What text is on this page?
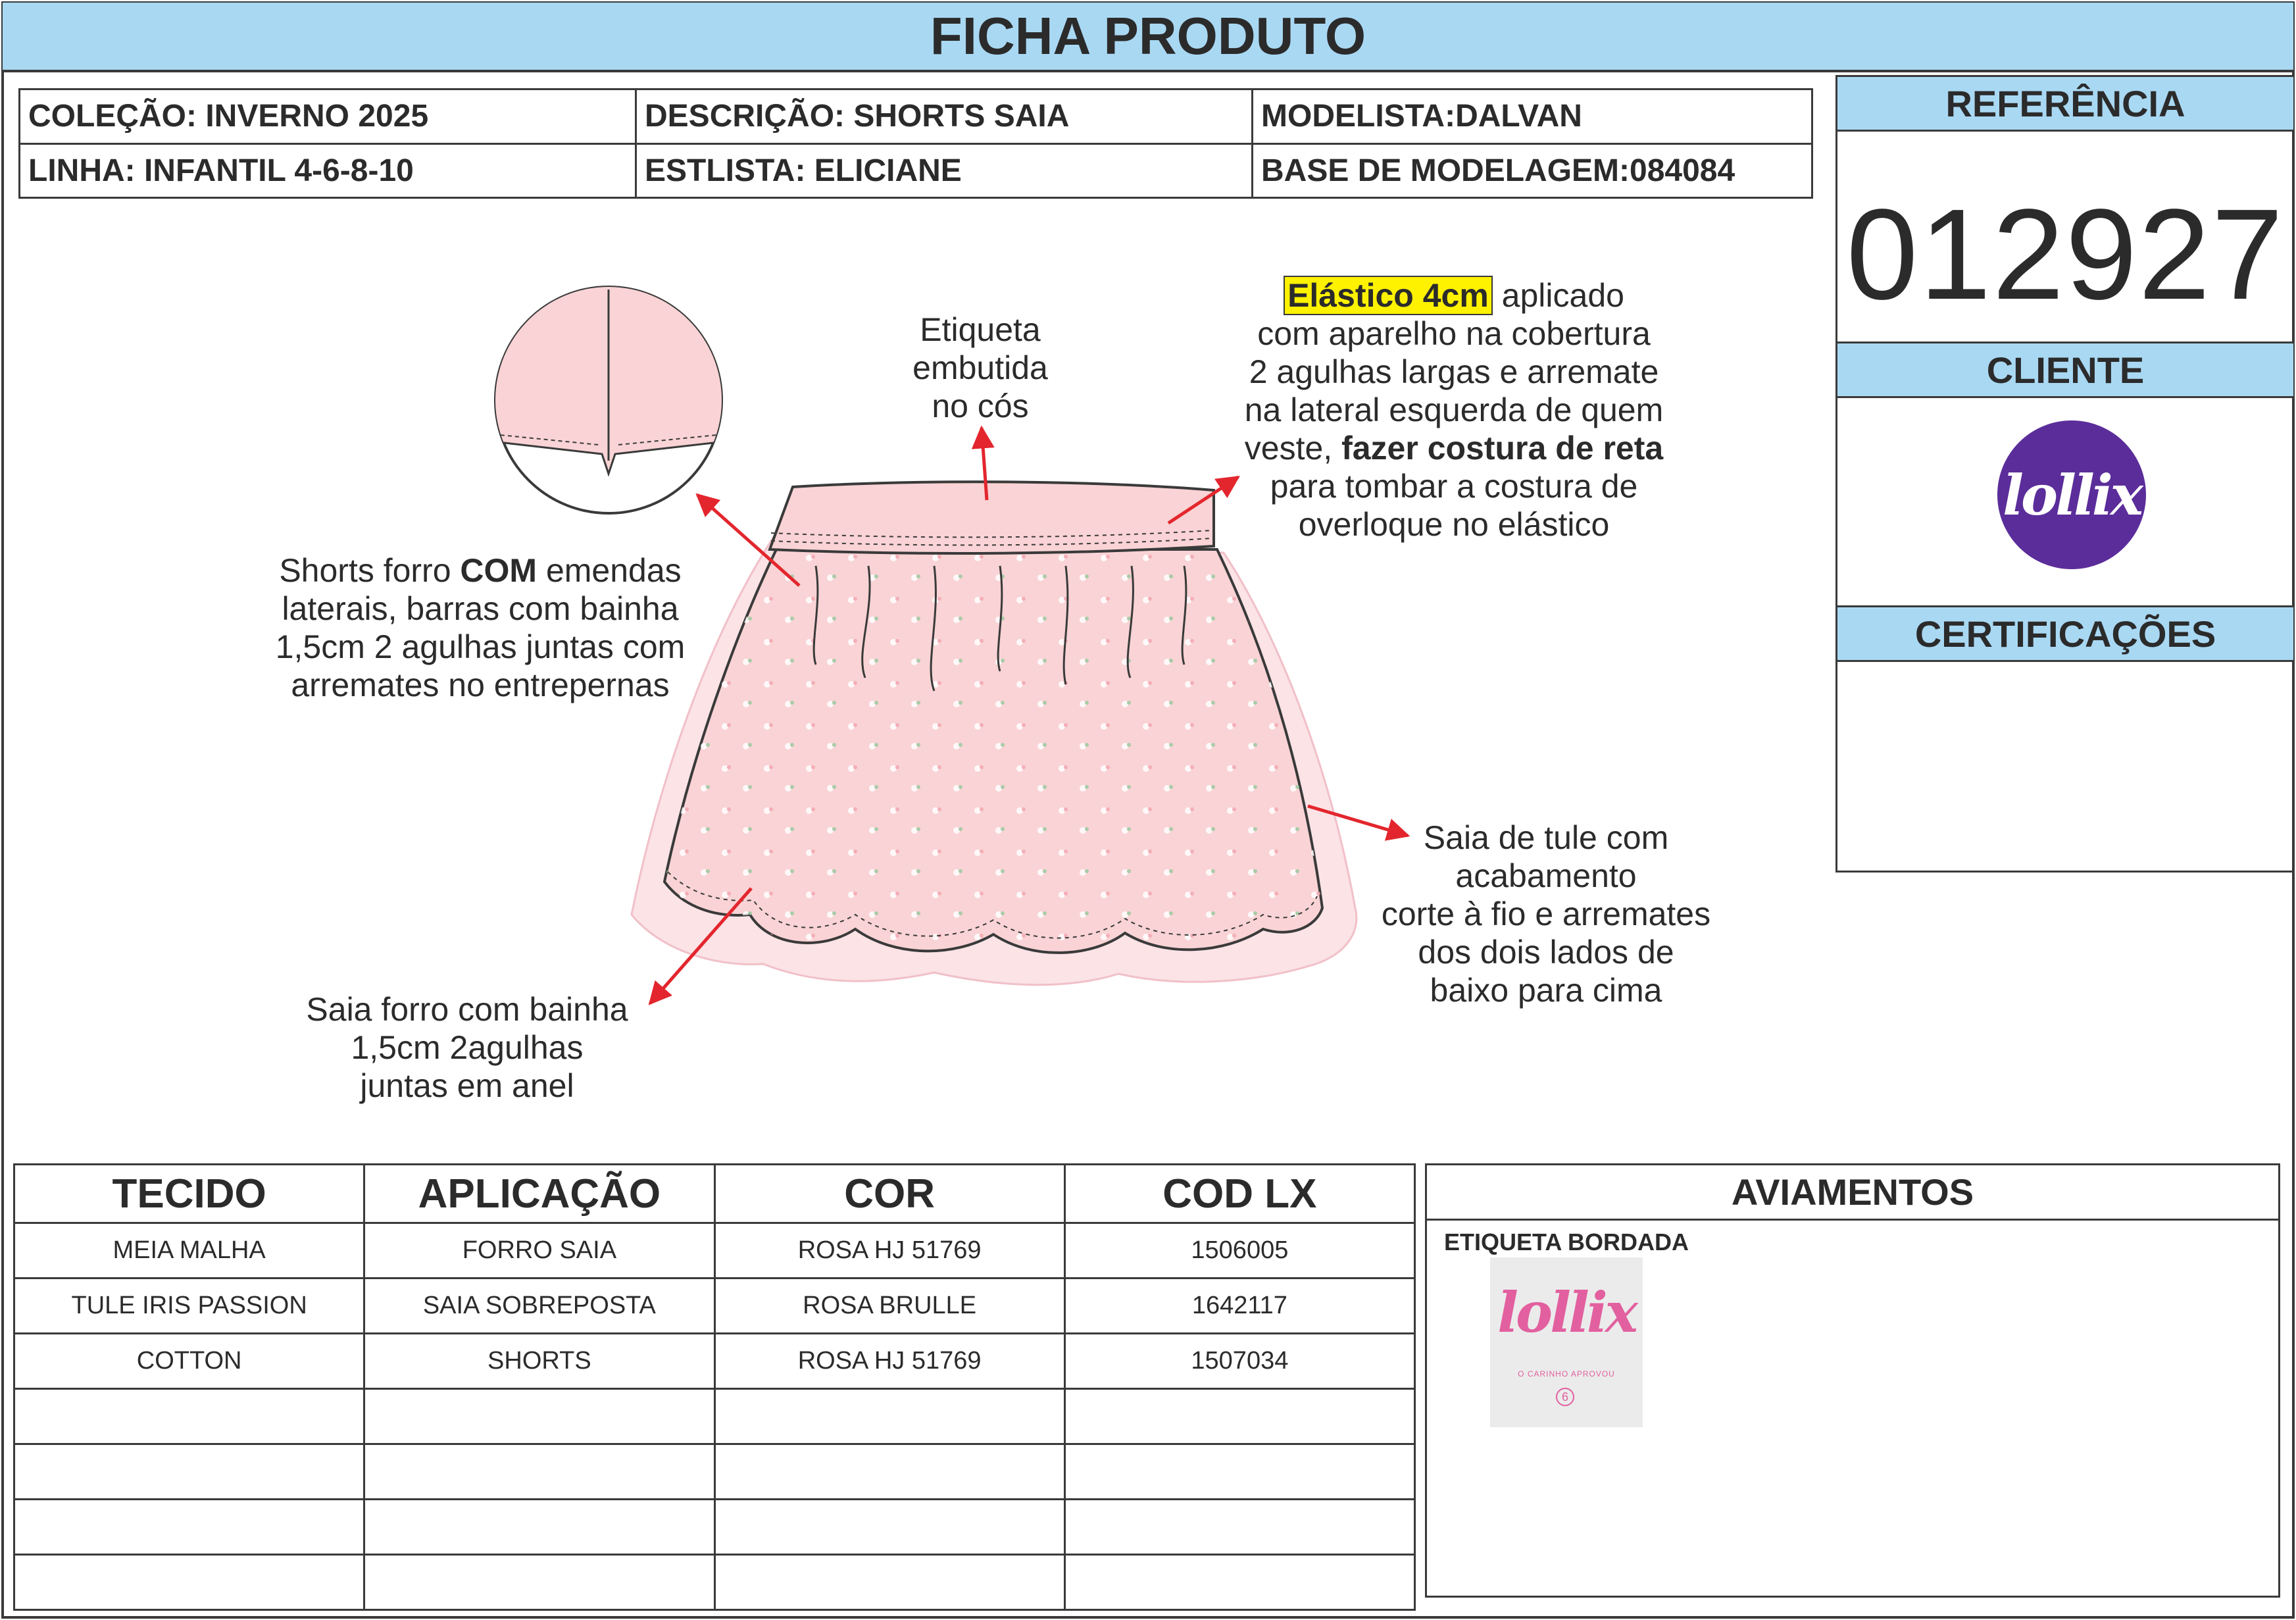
FICHA PRODUTO
COLEÇÃO: INVERNO 2025	DESCRIÇÃO: SHORTS SAIA	MODELISTA:DALVAN
LINHA: INFANTIL 4-6-8-10	ESTLISTA: ELICIANE	BASE DE MODELAGEM:084084
REFERÊNCIA
012927
CLIENTE
lollix
CERTIFICAÇÕES
Etiqueta
embutida
no cós
Elástico 4cm aplicado
com aparelho na cobertura
2 agulhas largas e arremate
na lateral esquerda de quem
veste, fazer costura de reta
para tombar a costura de
overloque no elástico
Shorts forro COM emendas
laterais, barras com bainha
1,5cm 2 agulhas juntas com
arremates no entrepernas
Saia de tule com
acabamento
corte à fio e arremates
dos dois lados de
baixo para cima
Saia forro com bainha
1,5cm 2agulhas
juntas em anel
TECIDO	APLICAÇÃO	COR	COD LX
MEIA MALHA	FORRO SAIA	ROSA HJ 51769	1506005
TULE IRIS PASSION	SAIA SOBREPOSTA	ROSA BRULLE	1642117
COTTON	SHORTS	ROSA HJ 51769	1507034

AVIAMENTOS
ETIQUETA BORDADA
lollix
O CARINHO APROVOU
6
